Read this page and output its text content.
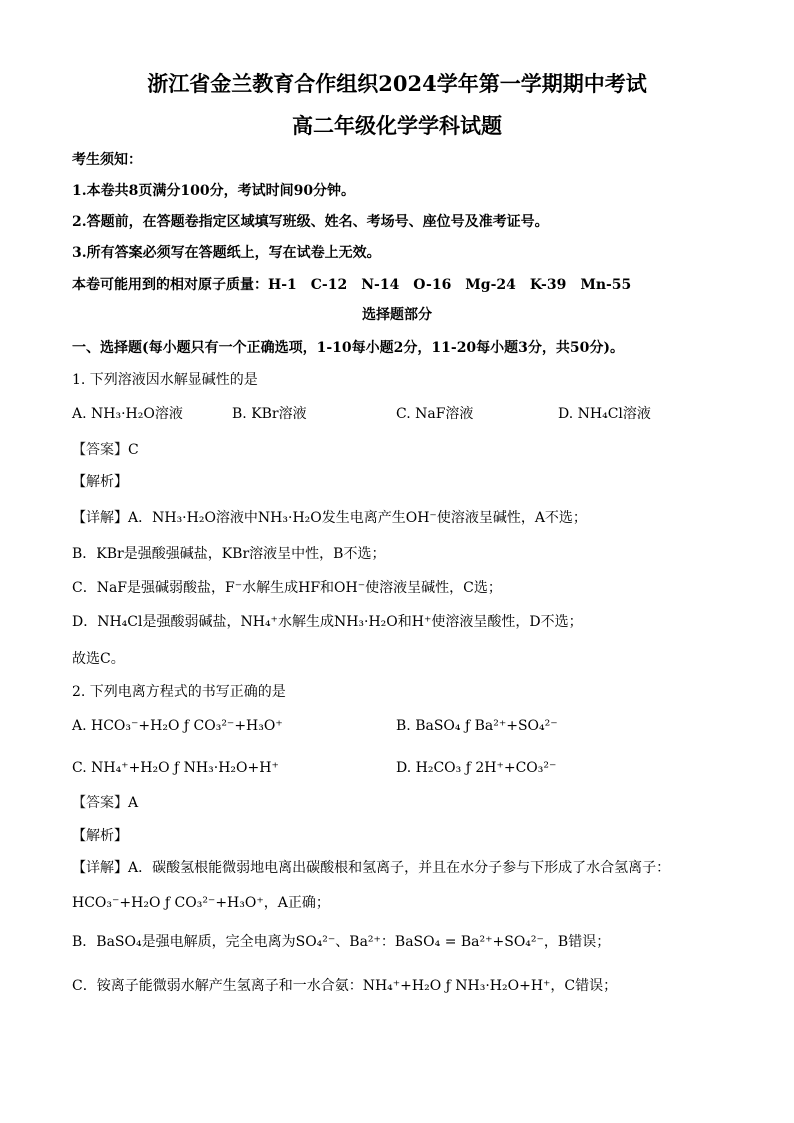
浙江省金兰教育合作组织2024学年第一学期期中考试
高二年级化学学科试题
考生须知：
1.本卷共8页满分100分，考试时间90分钟。
2.答题前，在答题卷指定区域填写班级、姓名、考场号、座位号及准考证号。
3.所有答案必须写在答题纸上，写在试卷上无效。
本卷可能用到的相对原子质量：H-1　C-12　N-14　O-16　Mg-24　K-39　Mn-55
选择题部分
一、选择题(每小题只有一个正确选项，1-10每小题2分，11-20每小题3分，共50分)。
1. 下列溶液因水解显碱性的是
A. NH₃·H₂O溶液	B. KBr溶液	C. NaF溶液	D. NH₄Cl溶液
【答案】C
【解析】
【详解】A．NH₃·H₂O溶液中NH₃·H₂O发生电离产生OH⁻使溶液呈碱性，A不选；
B．KBr是强酸强碱盐，KBr溶液呈中性，B不选；
C．NaF是强碱弱酸盐，F⁻水解生成HF和OH⁻使溶液呈碱性，C选；
D．NH₄Cl是强酸弱碱盐，NH₄⁺水解生成NH₃·H₂O和H⁺使溶液呈酸性，D不选；
故选C。
2. 下列电离方程式的书写正确的是
A. HCO₃⁻+H₂O ƒ CO₃²⁻+H₃O⁺	B. BaSO₄ ƒ Ba²⁺+SO₄²⁻
C. NH₄⁺+H₂O ƒ NH₃·H₂O+H⁺	D. H₂CO₃ ƒ 2H⁺+CO₃²⁻
【答案】A
【解析】
【详解】A．碳酸氢根能微弱地电离出碳酸根和氢离子，并且在水分子参与下形成了水合氢离子：
HCO₃⁻+H₂O ƒ CO₃²⁻+H₃O⁺，A正确；
B．BaSO₄是强电解质，完全电离为SO₄²⁻、Ba²⁺：BaSO₄ = Ba²⁺+SO₄²⁻，B错误；
C．铵离子能微弱水解产生氢离子和一水合氨：NH₄⁺+H₂O ƒ NH₃·H₂O+H⁺，C错误；
